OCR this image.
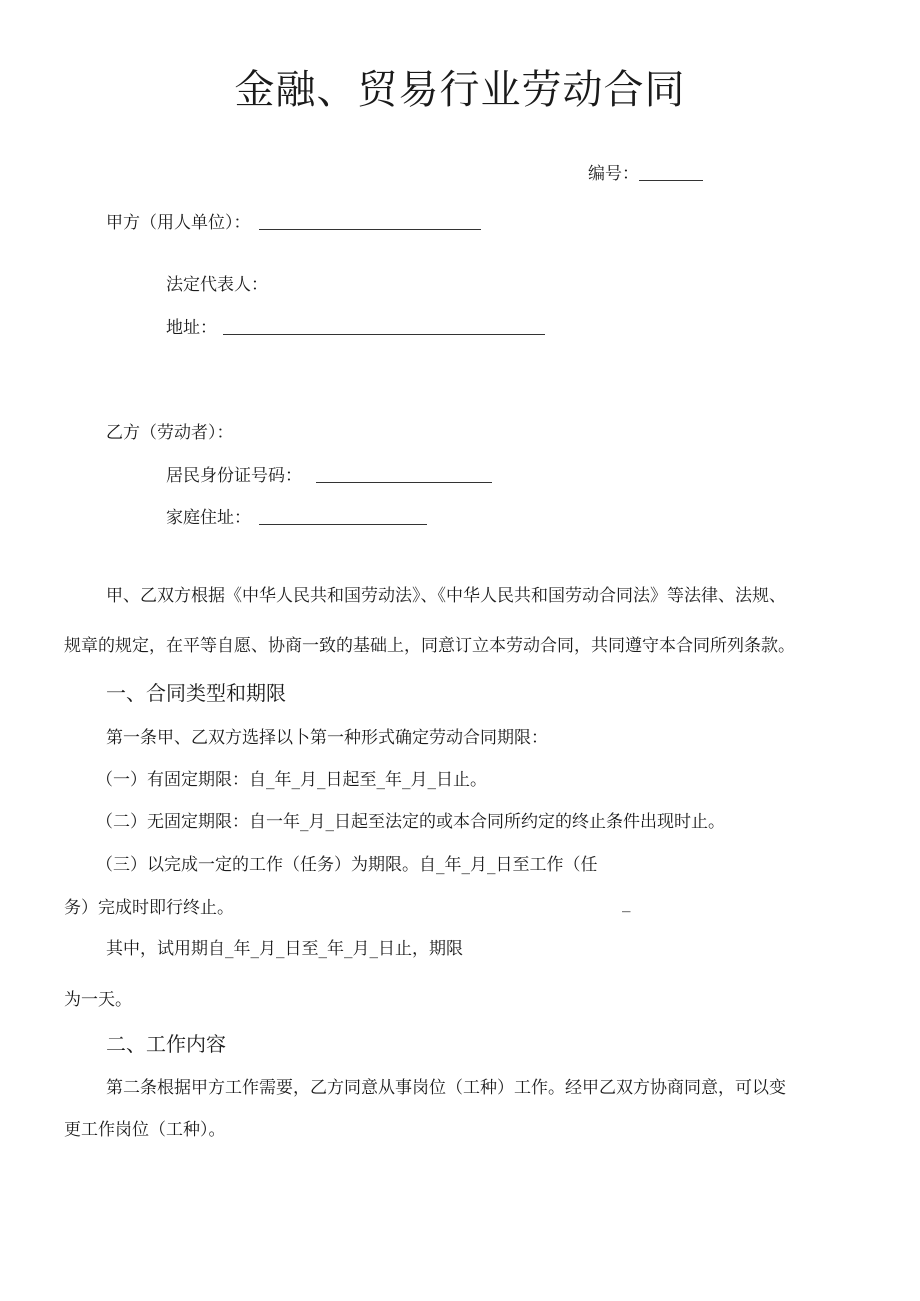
金融、贸易行业劳动合同
编号：
甲方（用人单位）：
法定代表人：
地址：
乙方（劳动者）：
居民身份证号码：
家庭住址：
甲、乙双方根据《中华人民共和国劳动法》、《中华人民共和国劳动合同法》等法律、法规、
规章的规定，在平等自愿、协商一致的基础上，同意订立本劳动合同，共同遵守本合同所列条款。
一、合同类型和期限
第一条甲、乙双方选择以卜第一种形式确定劳动合同期限：
（一）有固定期限：自_年_月_日起至_年_月_日止。
（二）无固定期限：自一年_月_日起至法定的或本合同所约定的终止条件出现时止。
（三）以完成一定的工作（任务）为期限。自_年_月_日至工作（任
务）完成时即行终止。	_
其中，试用期自_年_月_日至_年_月_日止，期限
为一天。
二、工作内容
第二条根据甲方工作需要，乙方同意从事岗位（工种）工作。经甲乙双方协商同意，可以变
更工作岗位（工种）。
